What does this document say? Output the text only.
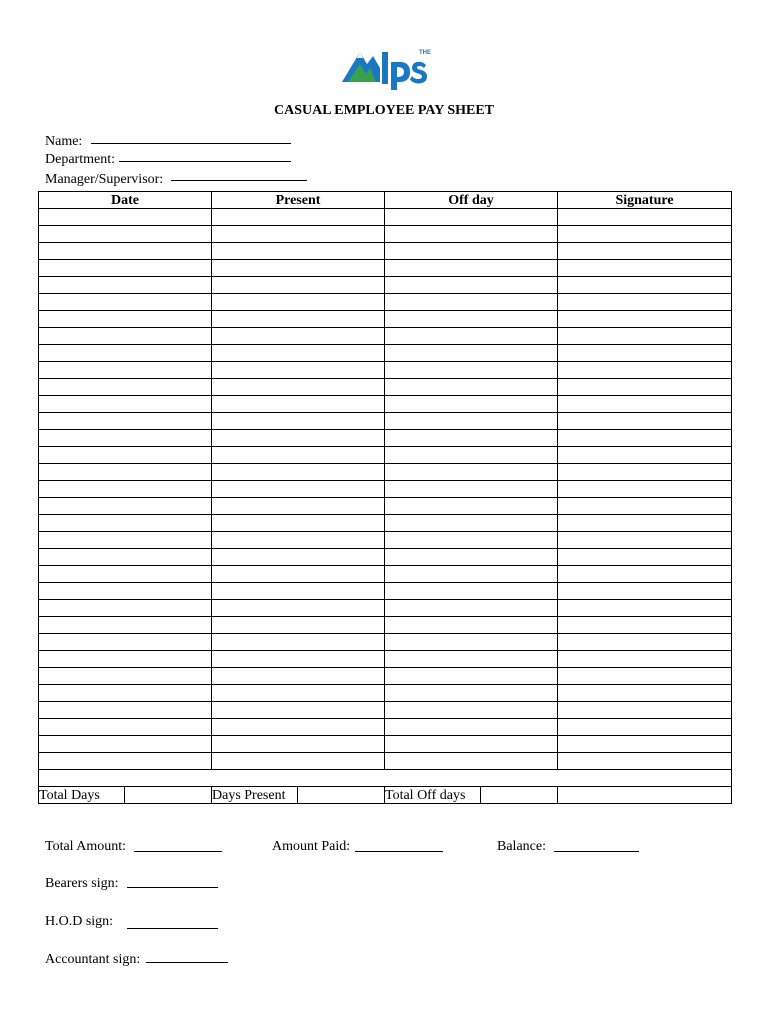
THE
CASUAL EMPLOYEE PAY SHEET
Name:
Department:
Manager/Supervisor:
Date		Present		Off day		Signature

Total Days		Days Present		Total Off days		
Total Amount:	Amount Paid:	Balance:
Bearers sign:
H.O.D sign:
Accountant sign:
